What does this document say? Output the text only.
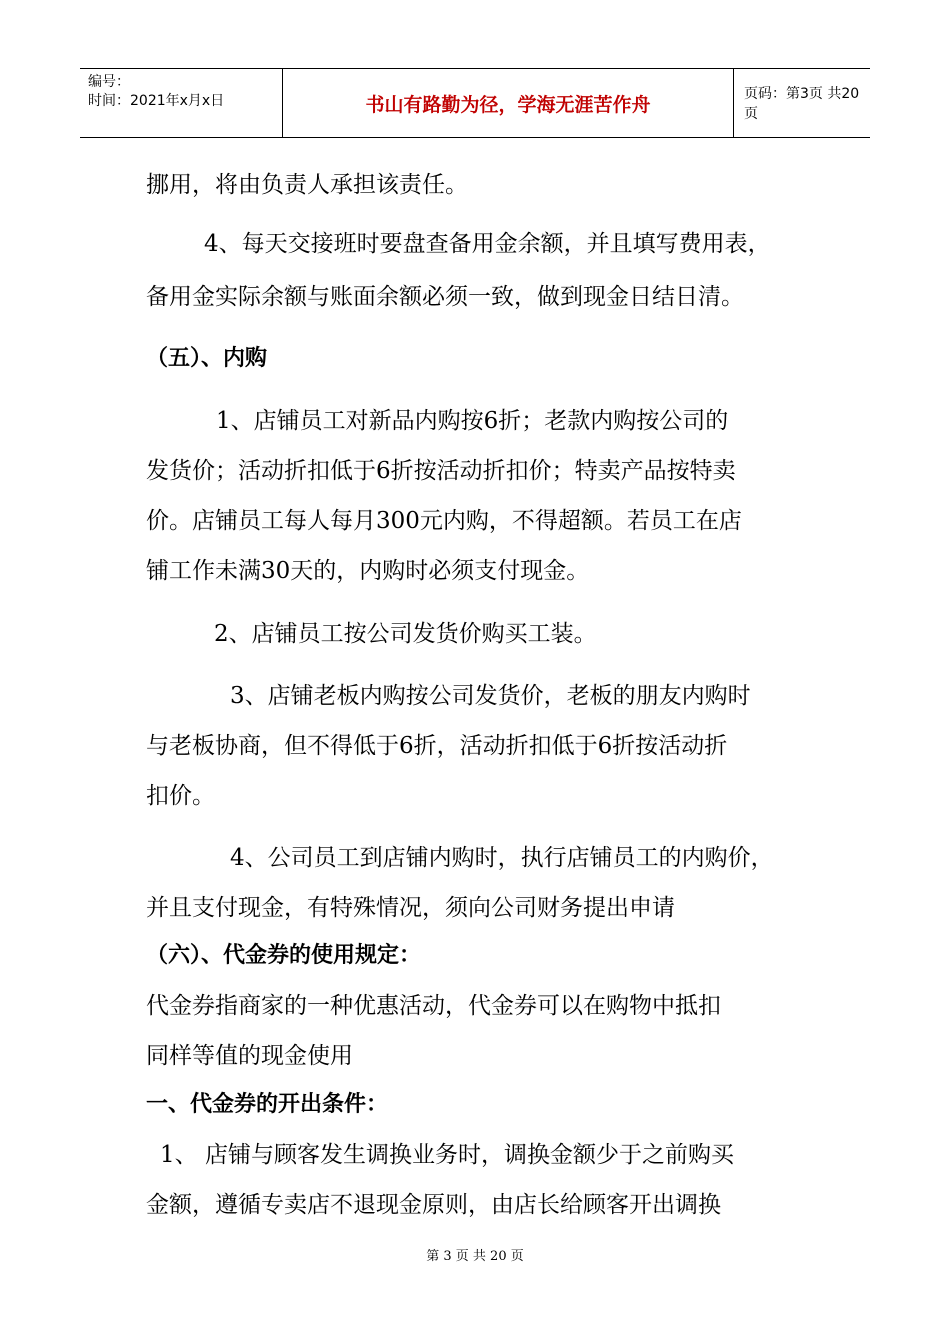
编号：
时间：2021年x月x日	书山有路勤为径，学海无涯苦作舟	页码：第3页 共20页
挪用，将由负责人承担该责任。
4、每天交接班时要盘查备用金余额，并且填写费用表，
备用金实际余额与账面余额必须一致，做到现金日结日清。
（五）、内购
1、店铺员工对新品内购按6折；老款内购按公司的
发货价；活动折扣低于6折按活动折扣价；特卖产品按特卖
价。店铺员工每人每月300元内购，不得超额。若员工在店
铺工作未满30天的，内购时必须支付现金。
2、店铺员工按公司发货价购买工装。
3、店铺老板内购按公司发货价，老板的朋友内购时
与老板协商，但不得低于6折，活动折扣低于6折按活动折
扣价。
4、公司员工到店铺内购时，执行店铺员工的内购价，
并且支付现金，有特殊情况，须向公司财务提出申请
（六）、代金券的使用规定：
代金券指商家的一种优惠活动，代金券可以在购物中抵扣
同样等值的现金使用
一、代金券的开出条件：
1、 店铺与顾客发生调换业务时，调换金额少于之前购买
金额，遵循专卖店不退现金原则，由店长给顾客开出调换
第 3 页 共 20 页
